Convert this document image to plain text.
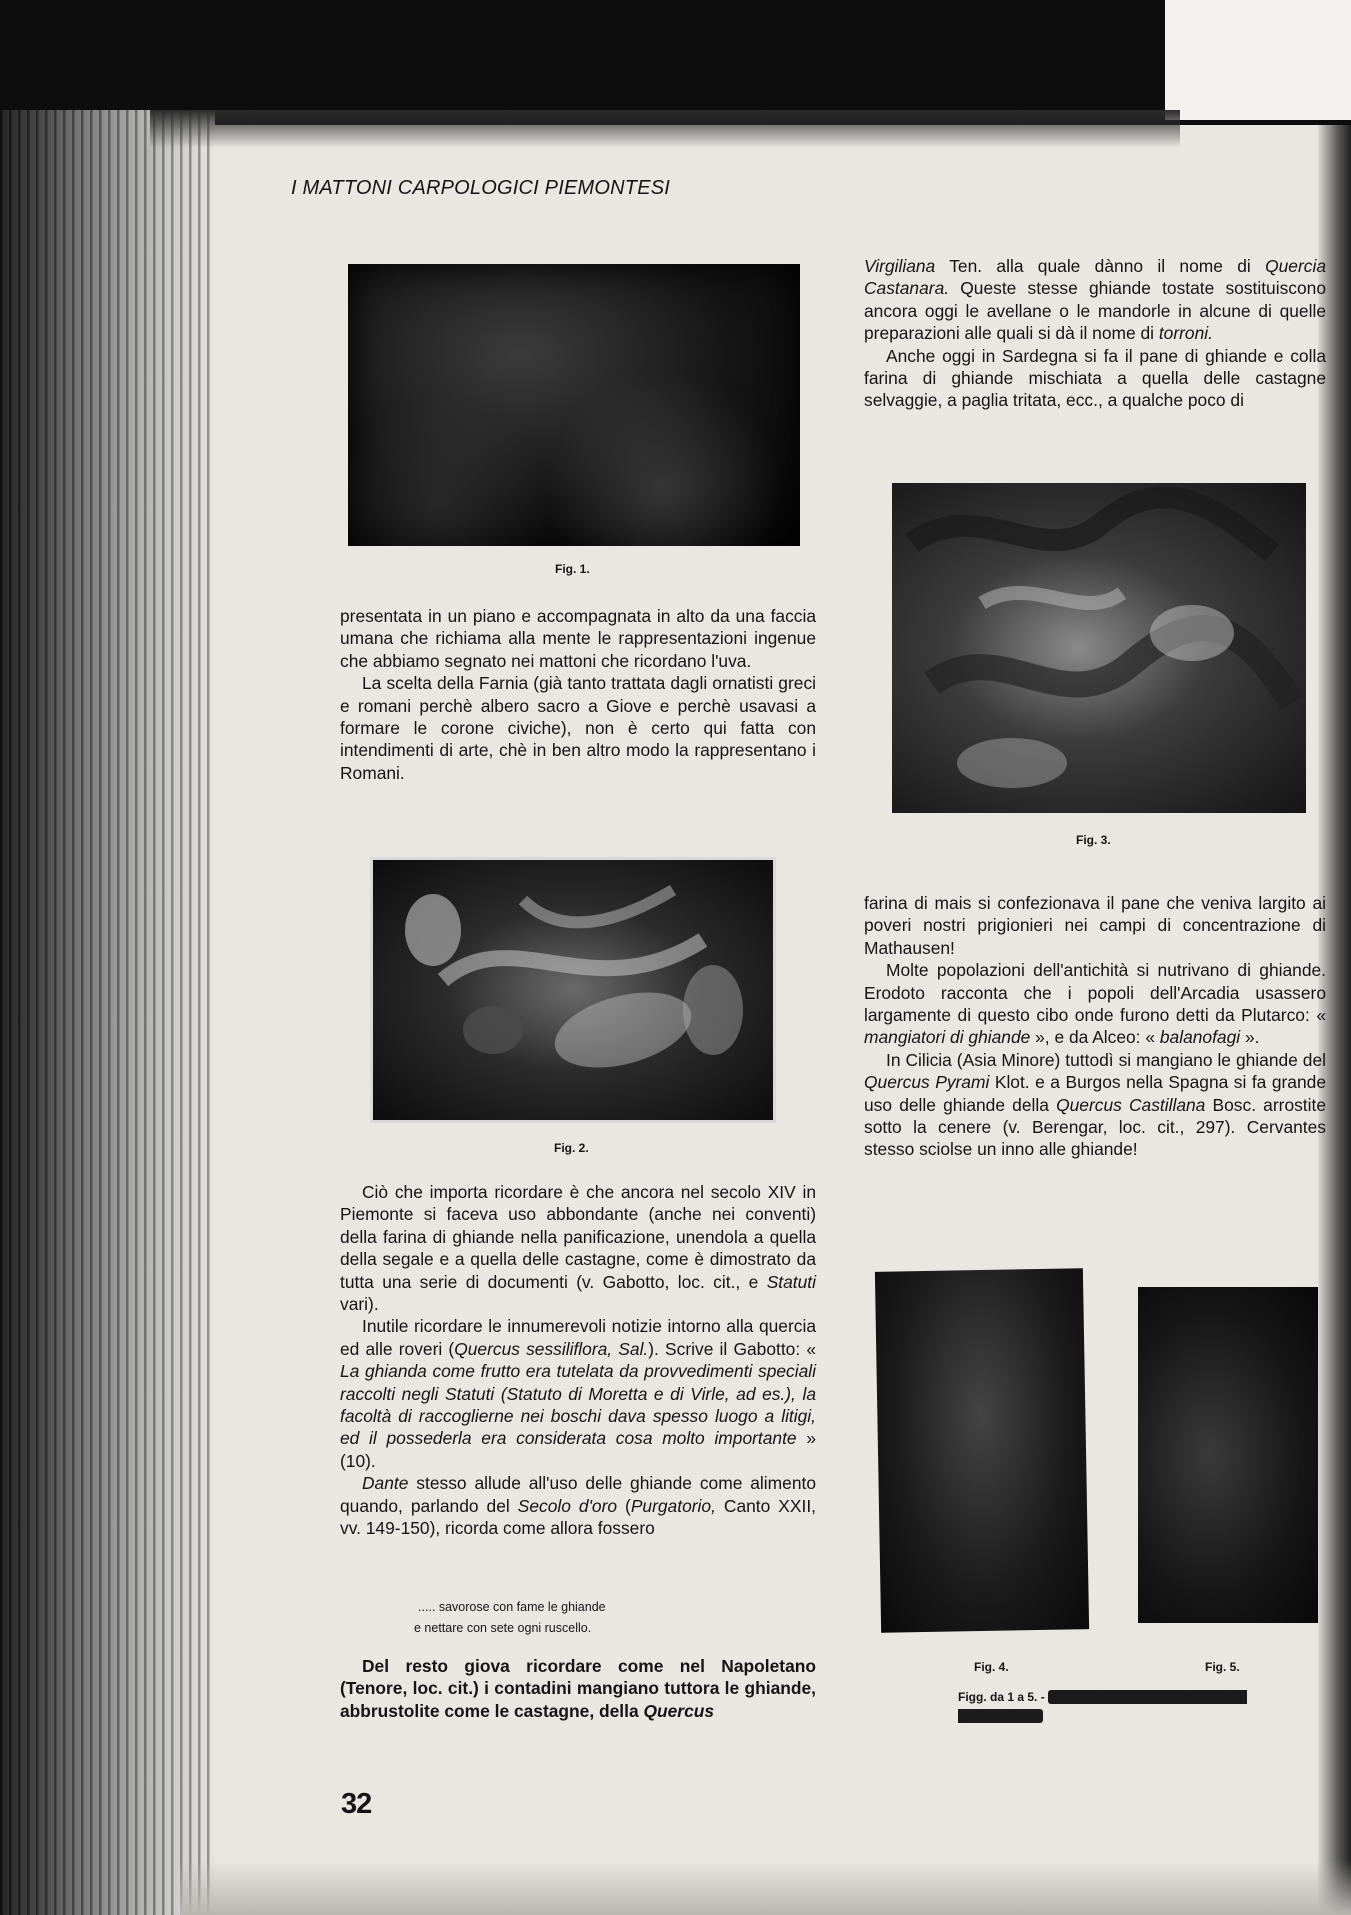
I MATTONI CARPOLOGICI PIEMONTESI
Fig. 1.
Fig. 3.
Fig. 2.
Fig. 4.	Fig. 5.
Figg. da 1 a 5. - Mattoni con ghiande della Quercus pedunculata L.

Virgiliana Ten. alla quale dànno il nome di Quercia Castanara. Queste stesse ghiande tostate sostituiscono ancora oggi le avellane o le mandorle in alcune di quelle preparazioni alle quali si dà il nome di torroni.

Anche oggi in Sardegna si fa il pane di ghiande e colla farina di ghiande mischiata a quella delle castagne selvaggie, a paglia tritata, ecc., a qualche poco di

presentata in un piano e accompagnata in alto da una faccia umana che richiama alla mente le rappresentazioni ingenue che abbiamo segnato nei mattoni che ricordano l'uva.

La scelta della Farnia (già tanto trattata dagli ornatisti greci e romani perchè albero sacro a Giove e perchè usavasi a formare le corone civiche), non è certo qui fatta con intendimenti di arte, chè in ben altro modo la rappresentano i Romani.

farina di mais si confezionava il pane che veniva largito ai poveri nostri prigionieri nei campi di concentrazione di Mathausen!

Molte popolazioni dell'antichità si nutrivano di ghiande. Erodoto racconta che i popoli dell'Arcadia usassero largamente di questo cibo onde furono detti da Plutarco: « mangiatori di ghiande », e da Alceo: « balanofagi ».

In Cilicia (Asia Minore) tuttodì si mangiano le ghiande del Quercus Pyrami Klot. e a Burgos nella Spagna si fa grande uso delle ghiande della Quercus Castillana Bosc. arrostite sotto la cenere (v. Berengar, loc. cit., 297). Cervantes stesso sciolse un inno alle ghiande!

Ciò che importa ricordare è che ancora nel secolo XIV in Piemonte si faceva uso abbondante (anche nei conventi) della farina di ghiande nella panificazione, unendola a quella della segale e a quella delle castagne, come è dimostrato da tutta una serie di documenti (v. Gabotto, loc. cit., e Statuti vari).

Inutile ricordare le innumerevoli notizie intorno alla quercia ed alle roveri (Quercus sessiliflora, Sal.). Scrive il Gabotto: « La ghianda come frutto era tutelata da provvedimenti speciali raccolti negli Statuti (Statuto di Moretta e di Virle, ad es.), la facoltà di raccoglierne nei boschi dava spesso luogo a litigi, ed il possederla era considerata cosa molto importante » (10).

Dante stesso allude all'uso delle ghiande come alimento quando, parlando del Secolo d'oro (Purgatorio, Canto XXII, vv. 149-150), ricorda come allora fossero

..... savorose con fame le ghiande

e nettare con sete ogni ruscello.

Del resto giova ricordare come nel Napoletano (Tenore, loc. cit.) i contadini mangiano tuttora le ghiande, abbrustolite come le castagne, della Quercus

32
